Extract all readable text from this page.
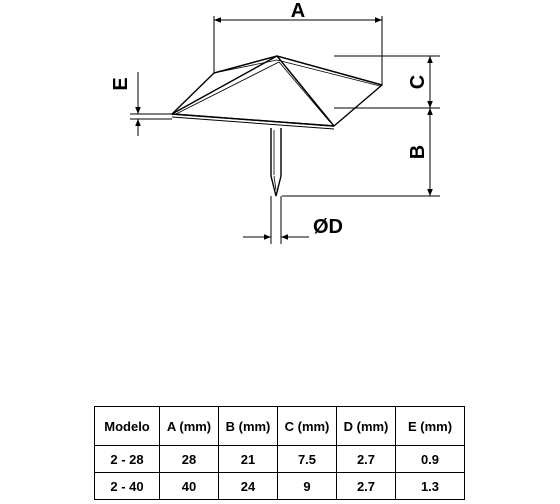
A
C
B
E
ØD
Modelo	A (mm)	B (mm)	C (mm)	D (mm)	E (mm)
2 - 28	28	21	7.5	2.7	0.9
2 - 40	40	24	9	2.7	1.3
